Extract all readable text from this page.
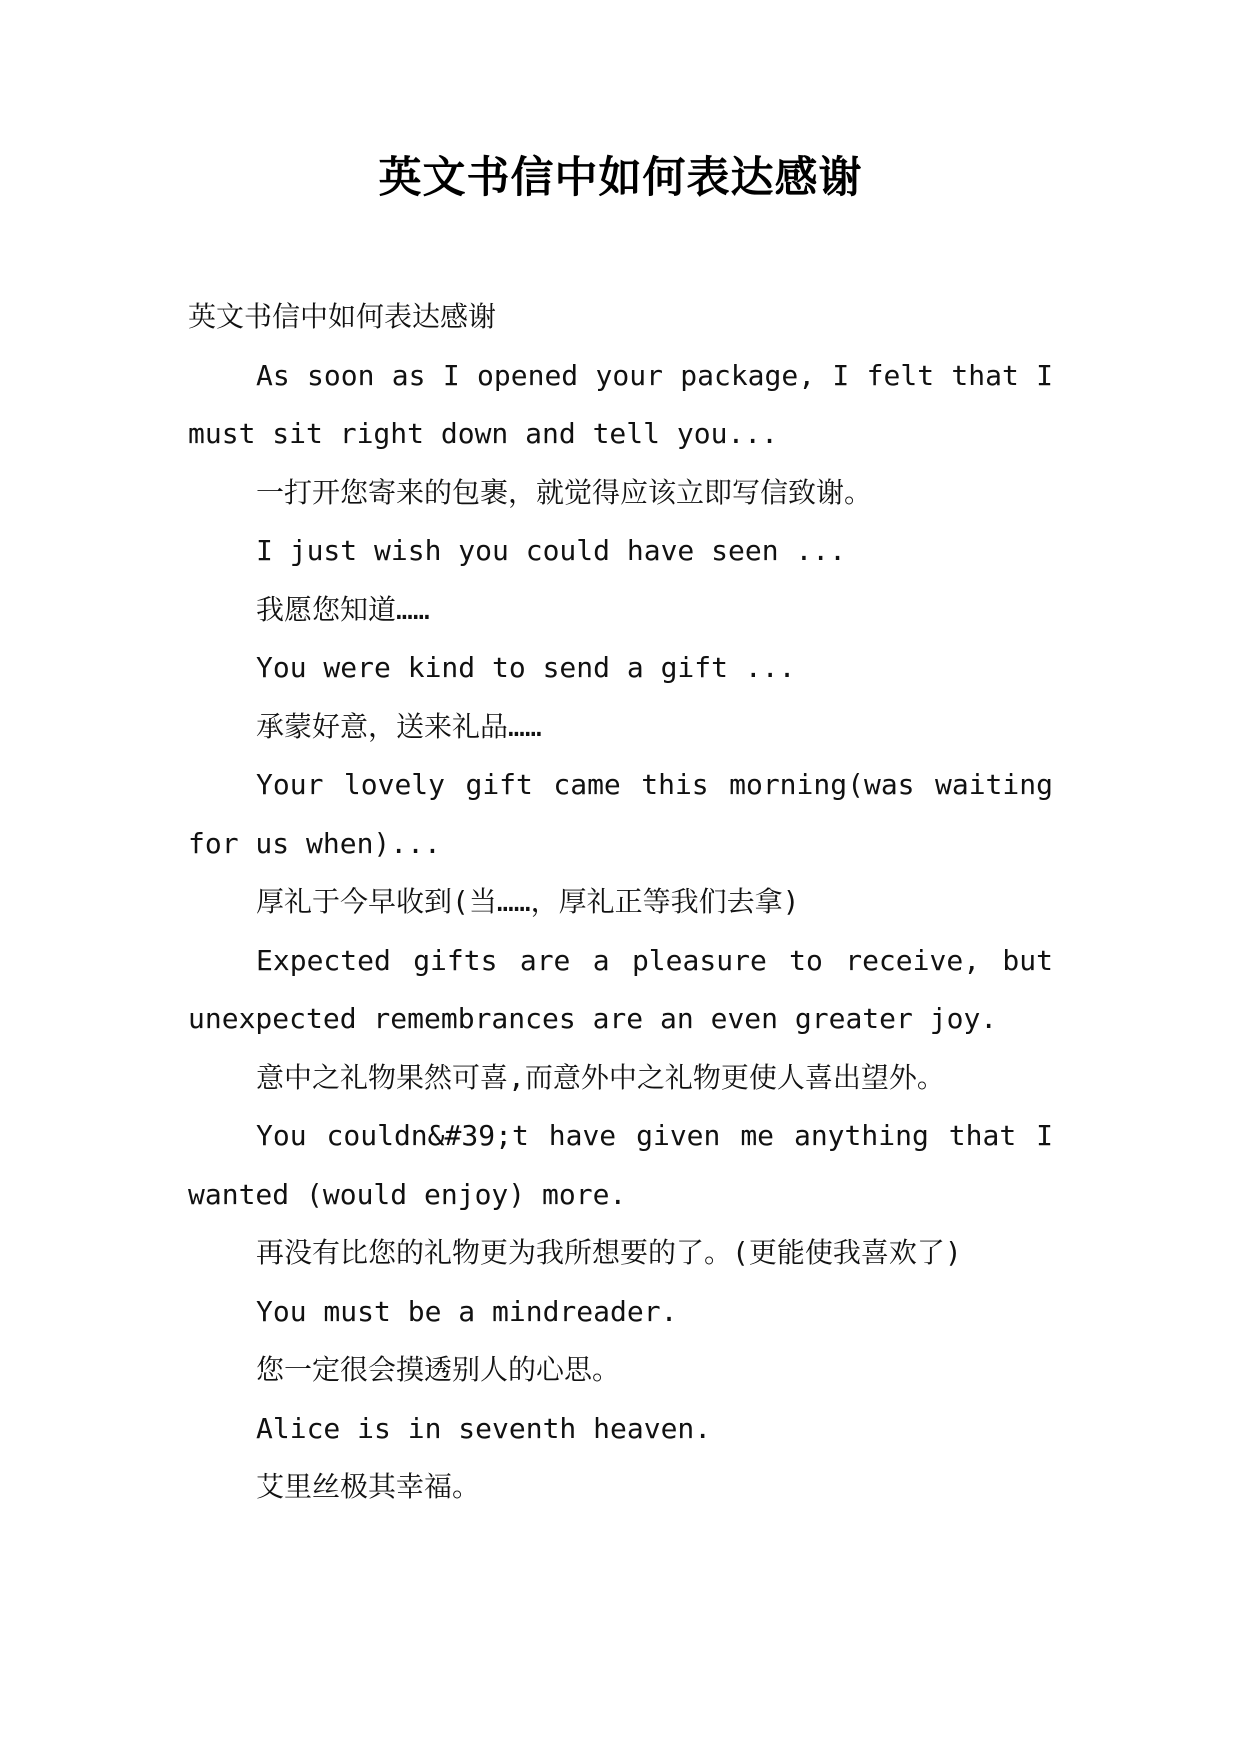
英文书信中如何表达感谢

英文书信中如何表达感谢

As soon as I opened your package, I felt that I must sit right down and tell you...

一打开您寄来的包裹，就觉得应该立即写信致谢。

I just wish you could have seen ...

我愿您知道……

You were kind to send a gift ...

承蒙好意，送来礼品……

Your lovely gift came this morning(was waiting for us when)...

厚礼于今早收到(当……，厚礼正等我们去拿)

Expected gifts are a pleasure to receive, but unexpected remembrances are an even greater joy.

意中之礼物果然可喜,而意外中之礼物更使人喜出望外。

You couldn&#39;t have given me anything that I wanted (would enjoy) more.

再没有比您的礼物更为我所想要的了。(更能使我喜欢了)

You must be a mindreader.

您一定很会摸透别人的心思。

Alice is in seventh heaven.

艾里丝极其幸福。
